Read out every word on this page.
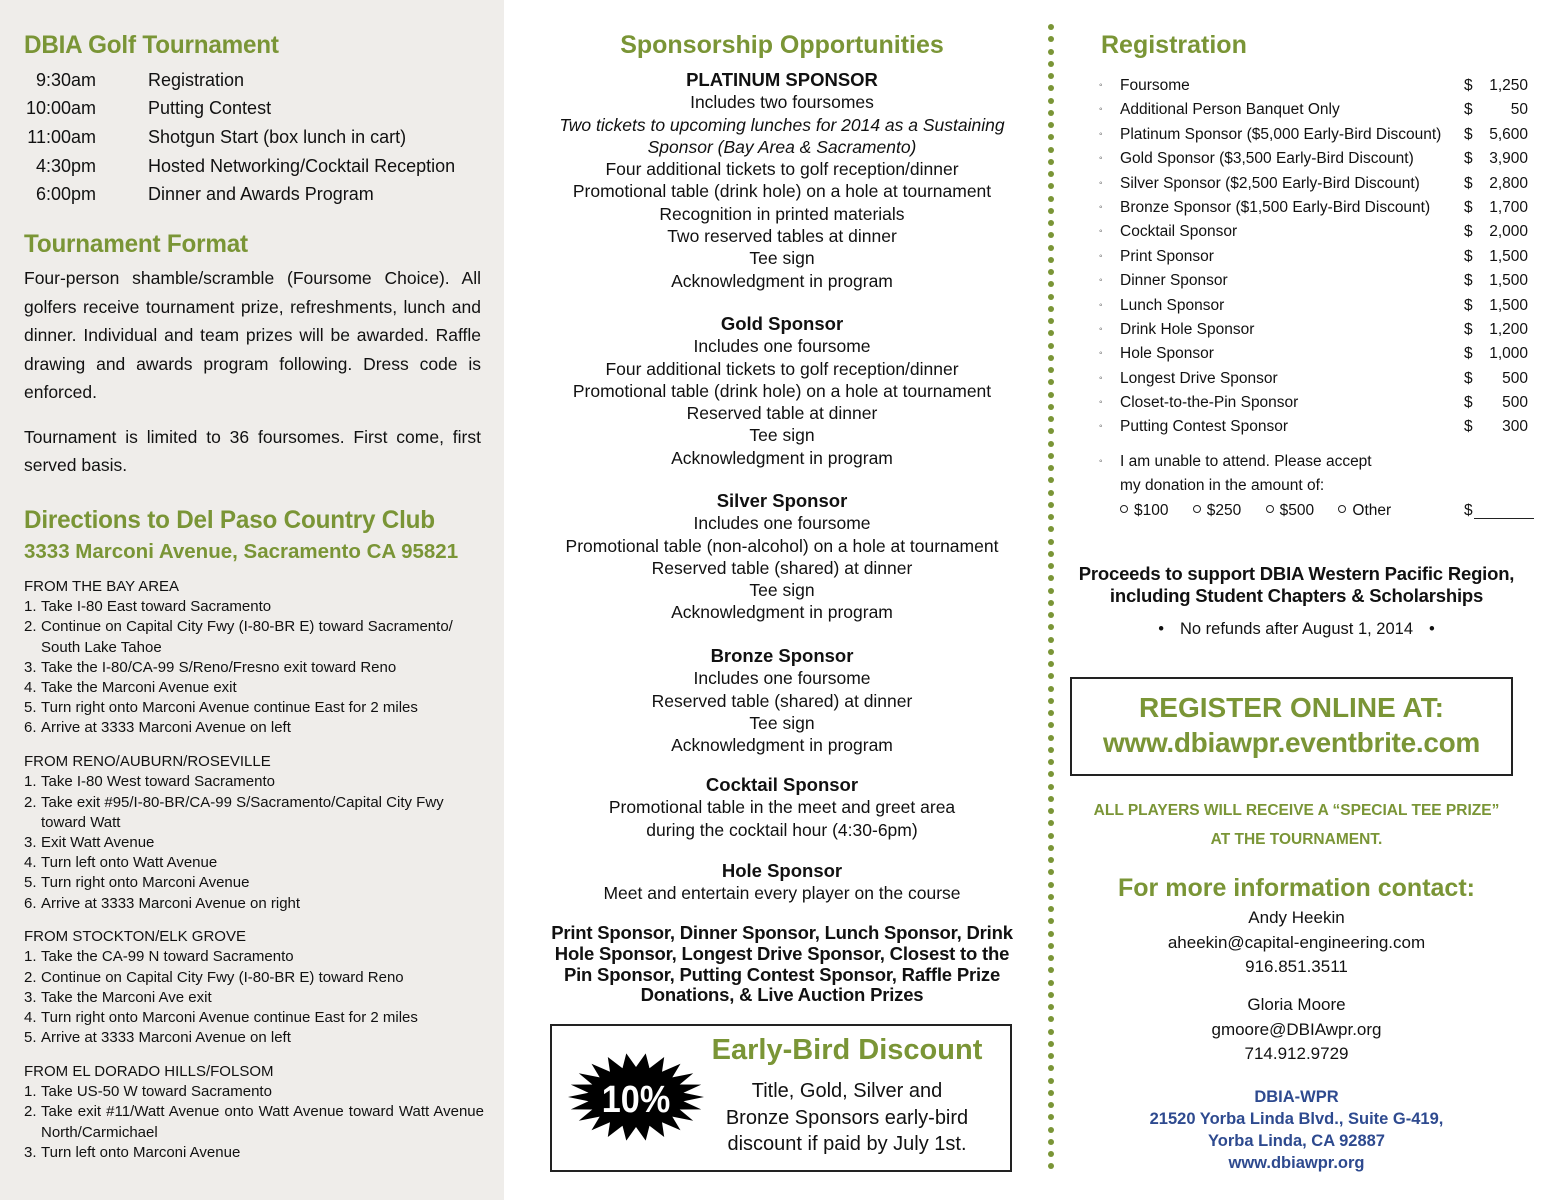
DBIA Golf Tournament
9:30am	Registration
10:00am	Putting Contest
11:00am	Shotgun Start (box lunch in cart)
4:30pm	Hosted Networking/Cocktail Reception
6:00pm	Dinner and Awards Program
Tournament Format

Four-person shamble/scramble (Foursome Choice). All golfers receive tournament prize, refreshments, lunch and dinner. Individual and team prizes will be awarded. Raffle drawing and awards program following. Dress code is enforced.

Tournament is limited to 36 foursomes. First come, first served basis.

Directions to Del Paso Country Club
3333 Marconi Avenue, Sacramento CA 95821
FROM THE BAY AREA
1. Take I-80 East toward Sacramento
2. Continue on Capital City Fwy (I-80-BR E) toward Sacramento/ South Lake Tahoe
3. Take the I-80/CA-99 S/Reno/Fresno exit toward Reno
4. Take the Marconi Avenue exit
5. Turn right onto Marconi Avenue continue East for 2 miles
6. Arrive at 3333 Marconi Avenue on left
FROM RENO/AUBURN/ROSEVILLE
1. Take I-80 West toward Sacramento
2. Take exit #95/I-80-BR/CA-99 S/Sacramento/Capital City Fwy toward Watt
3. Exit Watt Avenue
4. Turn left onto Watt Avenue
5. Turn right onto Marconi Avenue
6. Arrive at 3333 Marconi Avenue on right
FROM STOCKTON/ELK GROVE
1. Take the CA-99 N toward Sacramento
2. Continue on Capital City Fwy (I-80-BR E) toward Reno
3. Take the Marconi Ave exit
4. Turn right onto Marconi Avenue continue East for 2 miles
5. Arrive at 3333 Marconi Avenue on left
FROM EL DORADO HILLS/FOLSOM
1. Take US-50 W toward Sacramento
2. Take exit #11/Watt Avenue onto Watt Avenue toward Watt Avenue North/Carmichael
3. Turn left onto Marconi Avenue
Sponsorship Opportunities
PLATINUM SPONSOR
Includes two foursomes
Two tickets to upcoming lunches for 2014 as a Sustaining
Sponsor (Bay Area & Sacramento)
Four additional tickets to golf reception/dinner
Promotional table (drink hole) on a hole at tournament
Recognition in printed materials
Two reserved tables at dinner
Tee sign
Acknowledgment in program
Gold Sponsor
Includes one foursome
Four additional tickets to golf reception/dinner
Promotional table (drink hole) on a hole at tournament
Reserved table at dinner
Tee sign
Acknowledgment in program
Silver Sponsor
Includes one foursome
Promotional table (non-alcohol) on a hole at tournament
Reserved table (shared) at dinner
Tee sign
Acknowledgment in program
Bronze Sponsor
Includes one foursome
Reserved table (shared) at dinner
Tee sign
Acknowledgment in program
Cocktail Sponsor
Promotional table in the meet and greet area
during the cocktail hour (4:30-6pm)
Hole Sponsor
Meet and entertain every player on the course
Print Sponsor, Dinner Sponsor, Lunch Sponsor, Drink
Hole Sponsor, Longest Drive Sponsor, Closest to the
Pin Sponsor, Putting Contest Sponsor, Raffle Prize
Donations, & Live Auction Prizes
10%
Early-Bird Discount
Title, Gold, Silver and
Bronze Sponsors early-bird
discount if paid by July 1st.
Registration
◦ Foursome	$ 1,250
◦ Additional Person Banquet Only	$ 50
◦ Platinum Sponsor ($5,000 Early-Bird Discount) $ 5,600
◦ Gold Sponsor ($3,500 Early-Bird Discount)	$ 3,900
◦ Silver Sponsor ($2,500 Early-Bird Discount)	$ 2,800
◦ Bronze Sponsor ($1,500 Early-Bird Discount) $ 1,700
◦ Cocktail Sponsor	$ 2,000
◦ Print Sponsor	$ 1,500
◦ Dinner Sponsor	$ 1,500
◦ Lunch Sponsor	$ 1,500
◦ Drink Hole Sponsor	$ 1,200
◦ Hole Sponsor	$ 1,000
◦ Longest Drive Sponsor	$ 500
◦ Closet-to-the-Pin Sponsor	$ 500
◦ Putting Contest Sponsor	$ 300
◦ I am unable to attend. Please accept
my donation in the amount of:
$100 $250 $500 Other	$
Proceeds to support DBIA Western Pacific Region,
including Student Chapters & Scholarships
• No refunds after August 1, 2014 •
REGISTER ONLINE AT:
www.dbiawpr.eventbrite.com
ALL PLAYERS WILL RECEIVE A “SPECIAL TEE PRIZE”
AT THE TOURNAMENT.
For more information contact:
Andy Heekin
aheekin@capital-engineering.com
916.851.3511
Gloria Moore
gmoore@DBIAwpr.org
714.912.9729
DBIA-WPR
21520 Yorba Linda Blvd., Suite G-419,
Yorba Linda, CA 92887
www.dbiawpr.org
